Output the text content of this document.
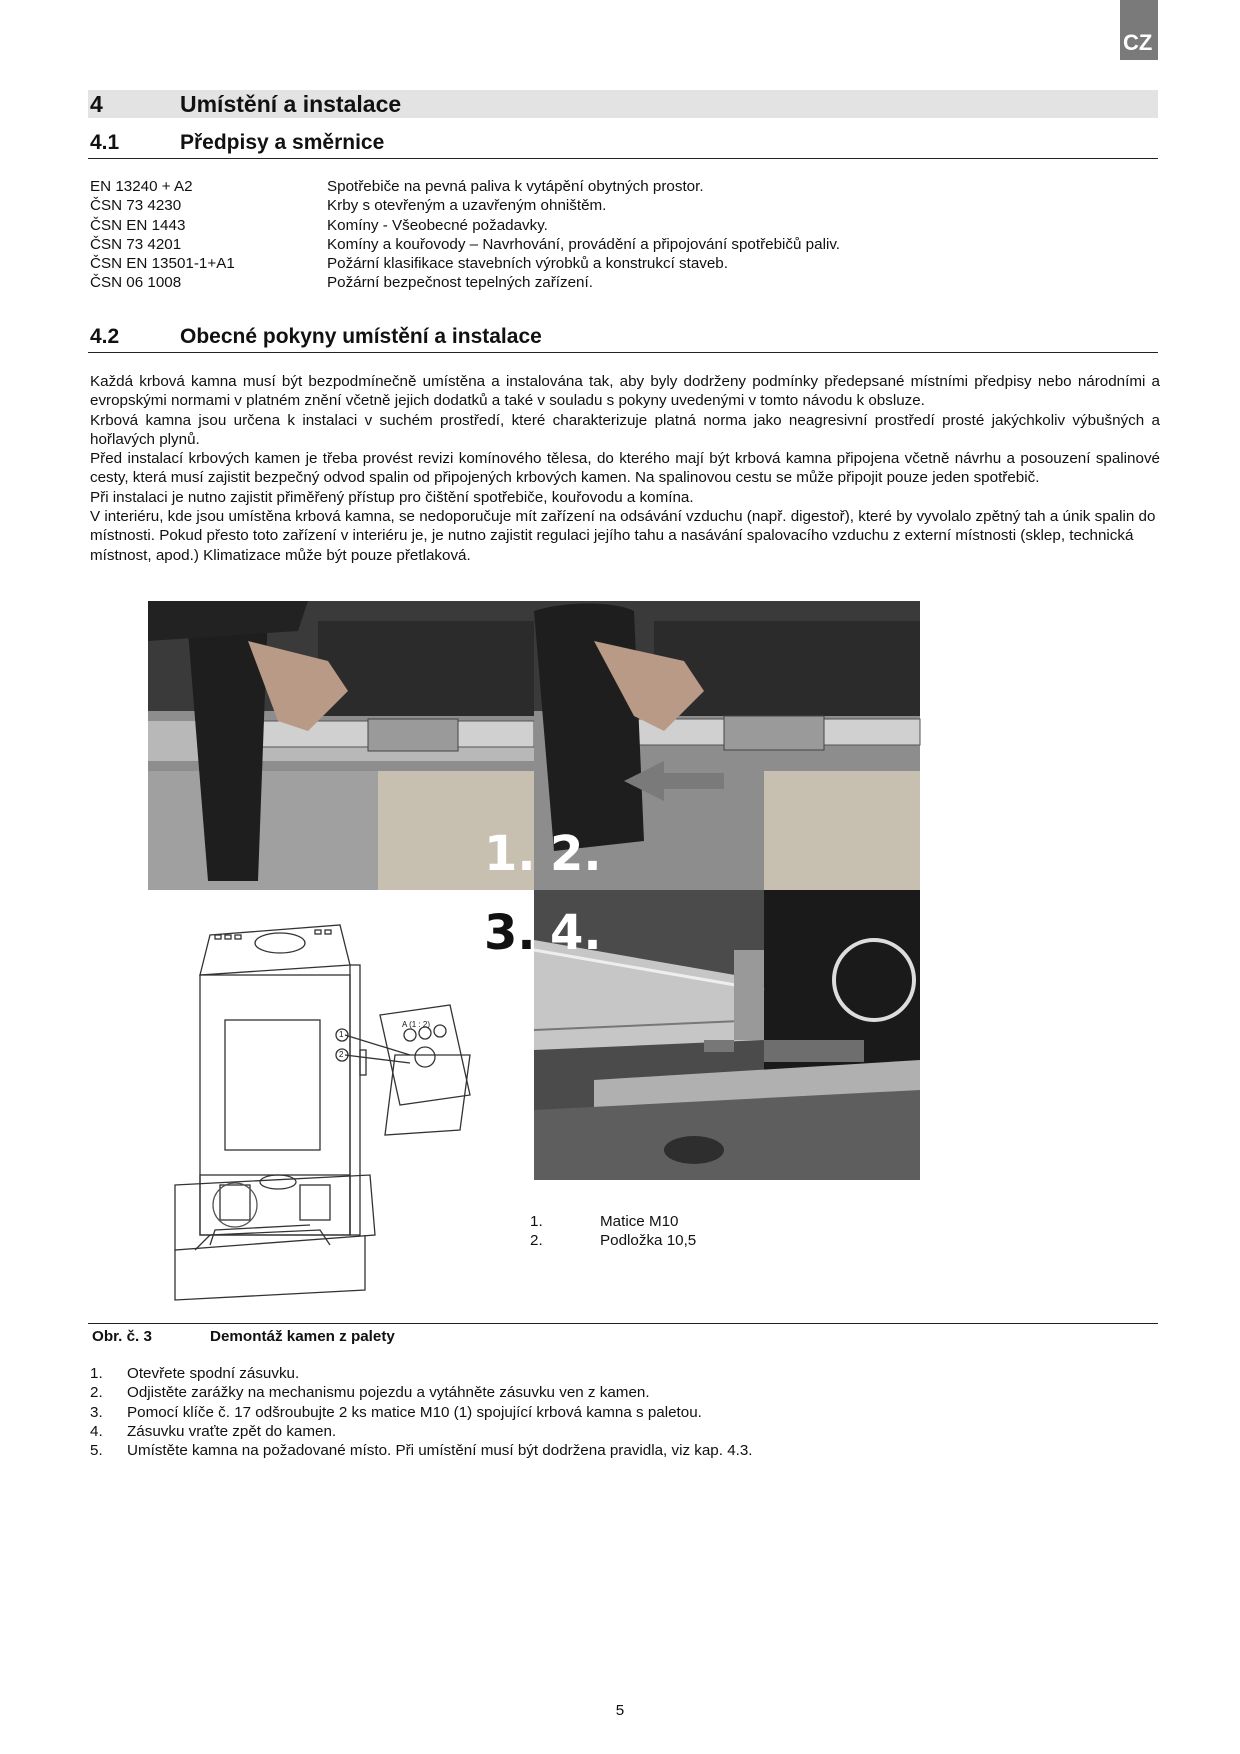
CZ
4	Umístění a instalace
4.1	Předpisy a směrnice
EN 13240 + A2	Spotřebiče na pevná paliva k vytápění obytných prostor.
ČSN 73 4230	Krby s otevřeným a uzavřeným ohništěm.
ČSN EN 1443	Komíny - Všeobecné požadavky.
ČSN 73 4201	Komíny a kouřovody – Navrhování, provádění a připojování spotřebičů paliv.
ČSN EN 13501-1+A1	Požární klasifikace stavebních výrobků a konstrukcí staveb.
ČSN 06 1008	Požární bezpečnost tepelných zařízení.
4.2	Obecné pokyny umístění a instalace

Každá krbová kamna musí být bezpodmínečně umístěna a instalována tak, aby byly dodrženy podmínky předepsané místními předpisy nebo národními a evropskými normami v platném znění včetně jejich dodatků a také v souladu s pokyny uvedenými v tomto návodu k obsluze.

Krbová kamna jsou určena k instalaci v suchém prostředí, které charakterizuje platná norma jako neagresivní prostředí prosté jakýchkoliv výbušných a hořlavých plynů.

Před instalací krbových kamen je třeba provést revizi komínového tělesa, do kterého mají být krbová kamna připojena včetně návrhu a posouzení spalinové cesty, která musí zajistit bezpečný odvod spalin od připojených krbových kamen. Na spalinovou cestu se může připojit pouze jeden spotřebič.

Při instalaci je nutno zajistit přiměřený přístup pro čištění spotřebiče, kouřovodu a komína.

V interiéru, kde jsou umístěna krbová kamna, se nedoporučuje mít zařízení na odsávání vzduchu (např. digestoř), které by vyvolalo zpětný tah a únik spalin do místnosti. Pokud přesto toto zařízení v interiéru je, je nutno zajistit regulaci jejího tahu a nasávání spalovacího vzduchu z externí místnosti (sklep, technická místnost, apod.) Klimatizace může být pouze přetlaková.

1. 2.
4.
3.
A (1 : 2)
1
2
1.	Matice M10
2.	Podložka 10,5
Obr. č. 3	Demontáž kamen z palety
1. Otevřete spodní zásuvku.
2. Odjistěte zarážky na mechanismu pojezdu a vytáhněte zásuvku ven z kamen.
3. Pomocí klíče č. 17 odšroubujte 2 ks matice M10 (1) spojující krbová kamna s paletou.
4. Zásuvku vraťte zpět do kamen.
5. Umístěte kamna na požadované místo. Při umístění musí být dodržena pravidla, viz kap. 4.3.
5
